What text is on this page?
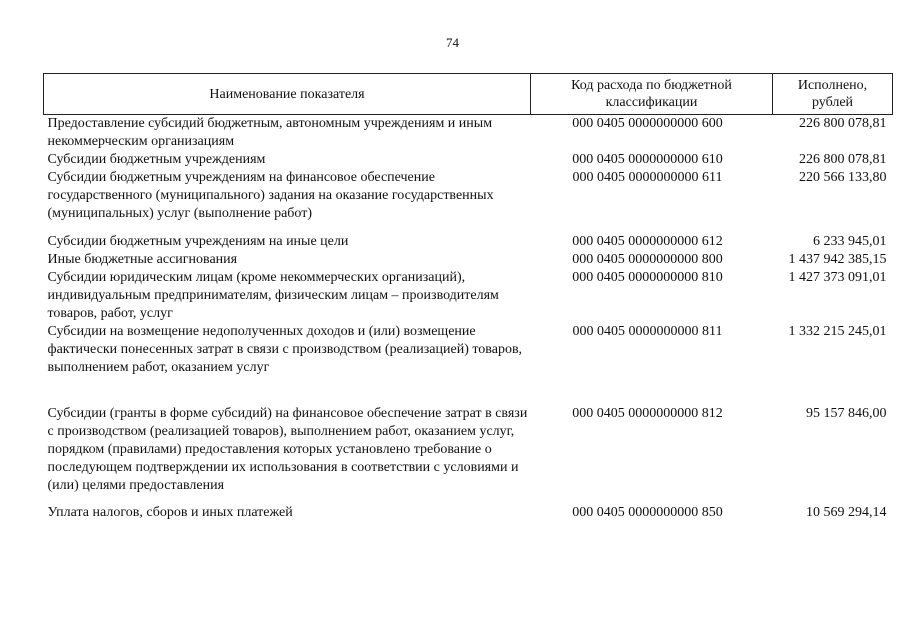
74
Наименование показателя	Код расхода по бюджетной классификации	Исполнено, рублей
Предоставление субсидий бюджетным, автономным учреждениям и иным некоммерческим организациям	000 0405 0000000000 600	226 800 078,81
Субсидии бюджетным учреждениям	000 0405 0000000000 610	226 800 078,81
Субсидии бюджетным учреждениям на финансовое обеспечение государственного (муниципального) задания на оказание государственных (муниципальных) услуг (выполнение работ)	000 0405 0000000000 611	220 566 133,80
Субсидии бюджетным учреждениям на иные цели	000 0405 0000000000 612	6 233 945,01
Иные бюджетные ассигнования	000 0405 0000000000 800	1 437 942 385,15
Субсидии юридическим лицам (кроме некоммерческих организаций), индивидуальным предпринимателям, физическим лицам – производителям товаров, работ, услуг	000 0405 0000000000 810	1 427 373 091,01
Субсидии на возмещение недополученных доходов и (или) возмещение фактически понесенных затрат в связи с производством (реализацией) товаров, выполнением работ, оказанием услуг	000 0405 0000000000 811	1 332 215 245,01
Субсидии (гранты в форме субсидий) на финансовое обеспечение затрат в связи с производством (реализацией товаров), выполнением работ, оказанием услуг, порядком (правилами) предоставления которых установлено требование о последующем подтверждении их использования в соответствии с условиями и (или) целями предоставления	000 0405 0000000000 812	95 157 846,00
Уплата налогов, сборов и иных платежей	000 0405 0000000000 850	10 569 294,14
